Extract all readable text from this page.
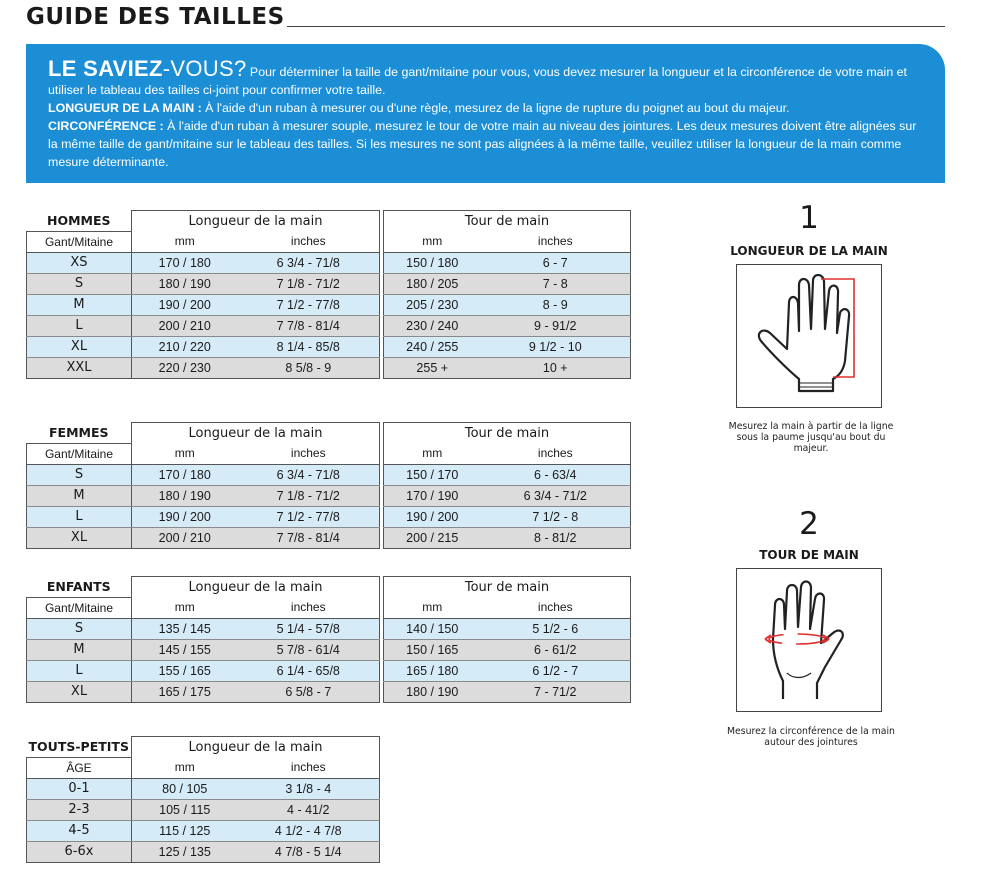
GUIDE DES TAILLES
LE SAVIEZ-VOUS? Pour déterminer la taille de gant/mitaine pour vous, vous devez mesurer la longueur et la circonférence de votre main et utiliser le tableau des tailles ci-joint pour confirmer votre taille.
LONGUEUR DE LA MAIN : À l'aide d'un ruban à mesurer ou d'une règle, mesurez de la ligne de rupture du poignet au bout du majeur.
CIRCONFÉRENCE : À l'aide d'un ruban à mesurer souple, mesurez le tour de votre main au niveau des jointures. Les deux mesures doivent être alignées sur la même taille de gant/mitaine sur le tableau des tailles. Si les mesures ne sont pas alignées à la même taille, veuillez utiliser la longueur de la main comme mesure déterminante.
HOMMES	Longueur de la main			Tour de main	
Gant/Mitaine	mm	inches		mm	inches
XS	170 / 180	6 3/4 - 71/8		150 / 180	6 - 7
S	180 / 190	7 1/8 - 71/2		180 / 205	7 - 8
M	190 / 200	7 1/2 - 77/8		205 / 230	8 - 9
L	200 / 210	7 7/8 - 81/4		230 / 240	9 - 91/2
XL	210 / 220	8 1/4 - 85/8		240 / 255	9 1/2 - 10
XXL	220 / 230	8 5/8 - 9		255 +	10 +
FEMMES	Longueur de la main			Tour de main	
Gant/Mitaine	mm	inches		mm	inches
S	170 / 180	6 3/4 - 71/8		150 / 170	6 - 63/4
M	180 / 190	7 1/8 - 71/2		170 / 190	6 3/4 - 71/2
L	190 / 200	7 1/2 - 77/8		190 / 200	7 1/2 - 8
XL	200 / 210	7 7/8 - 81/4		200 / 215	8 - 81/2
ENFANTS	Longueur de la main			Tour de main	
Gant/Mitaine	mm	inches		mm	inches
S	135 / 145	5 1/4 - 57/8		140 / 150	5 1/2 - 6
M	145 / 155	5 7/8 - 61/4		150 / 165	6 - 61/2
L	155 / 165	6 1/4 - 65/8		165 / 180	6 1/2 - 7
XL	165 / 175	6 5/8 - 7		180 / 190	7 - 71/2
TOUTS-PETITS	Longueur de la main	
ÂGE	mm	inches
0-1	80 / 105	3 1/8 - 4
2-3	105 / 115	4 - 41/2
4-5	115 / 125	4 1/2 - 4 7/8
6-6x	125 / 135	4 7/8 - 5 1/4
1
LONGUEUR DE LA MAIN
Mesurez la main à partir de la ligne sous la paume jusqu'au bout du majeur.
2
TOUR DE MAIN
Mesurez la circonférence de la main autour des jointures
